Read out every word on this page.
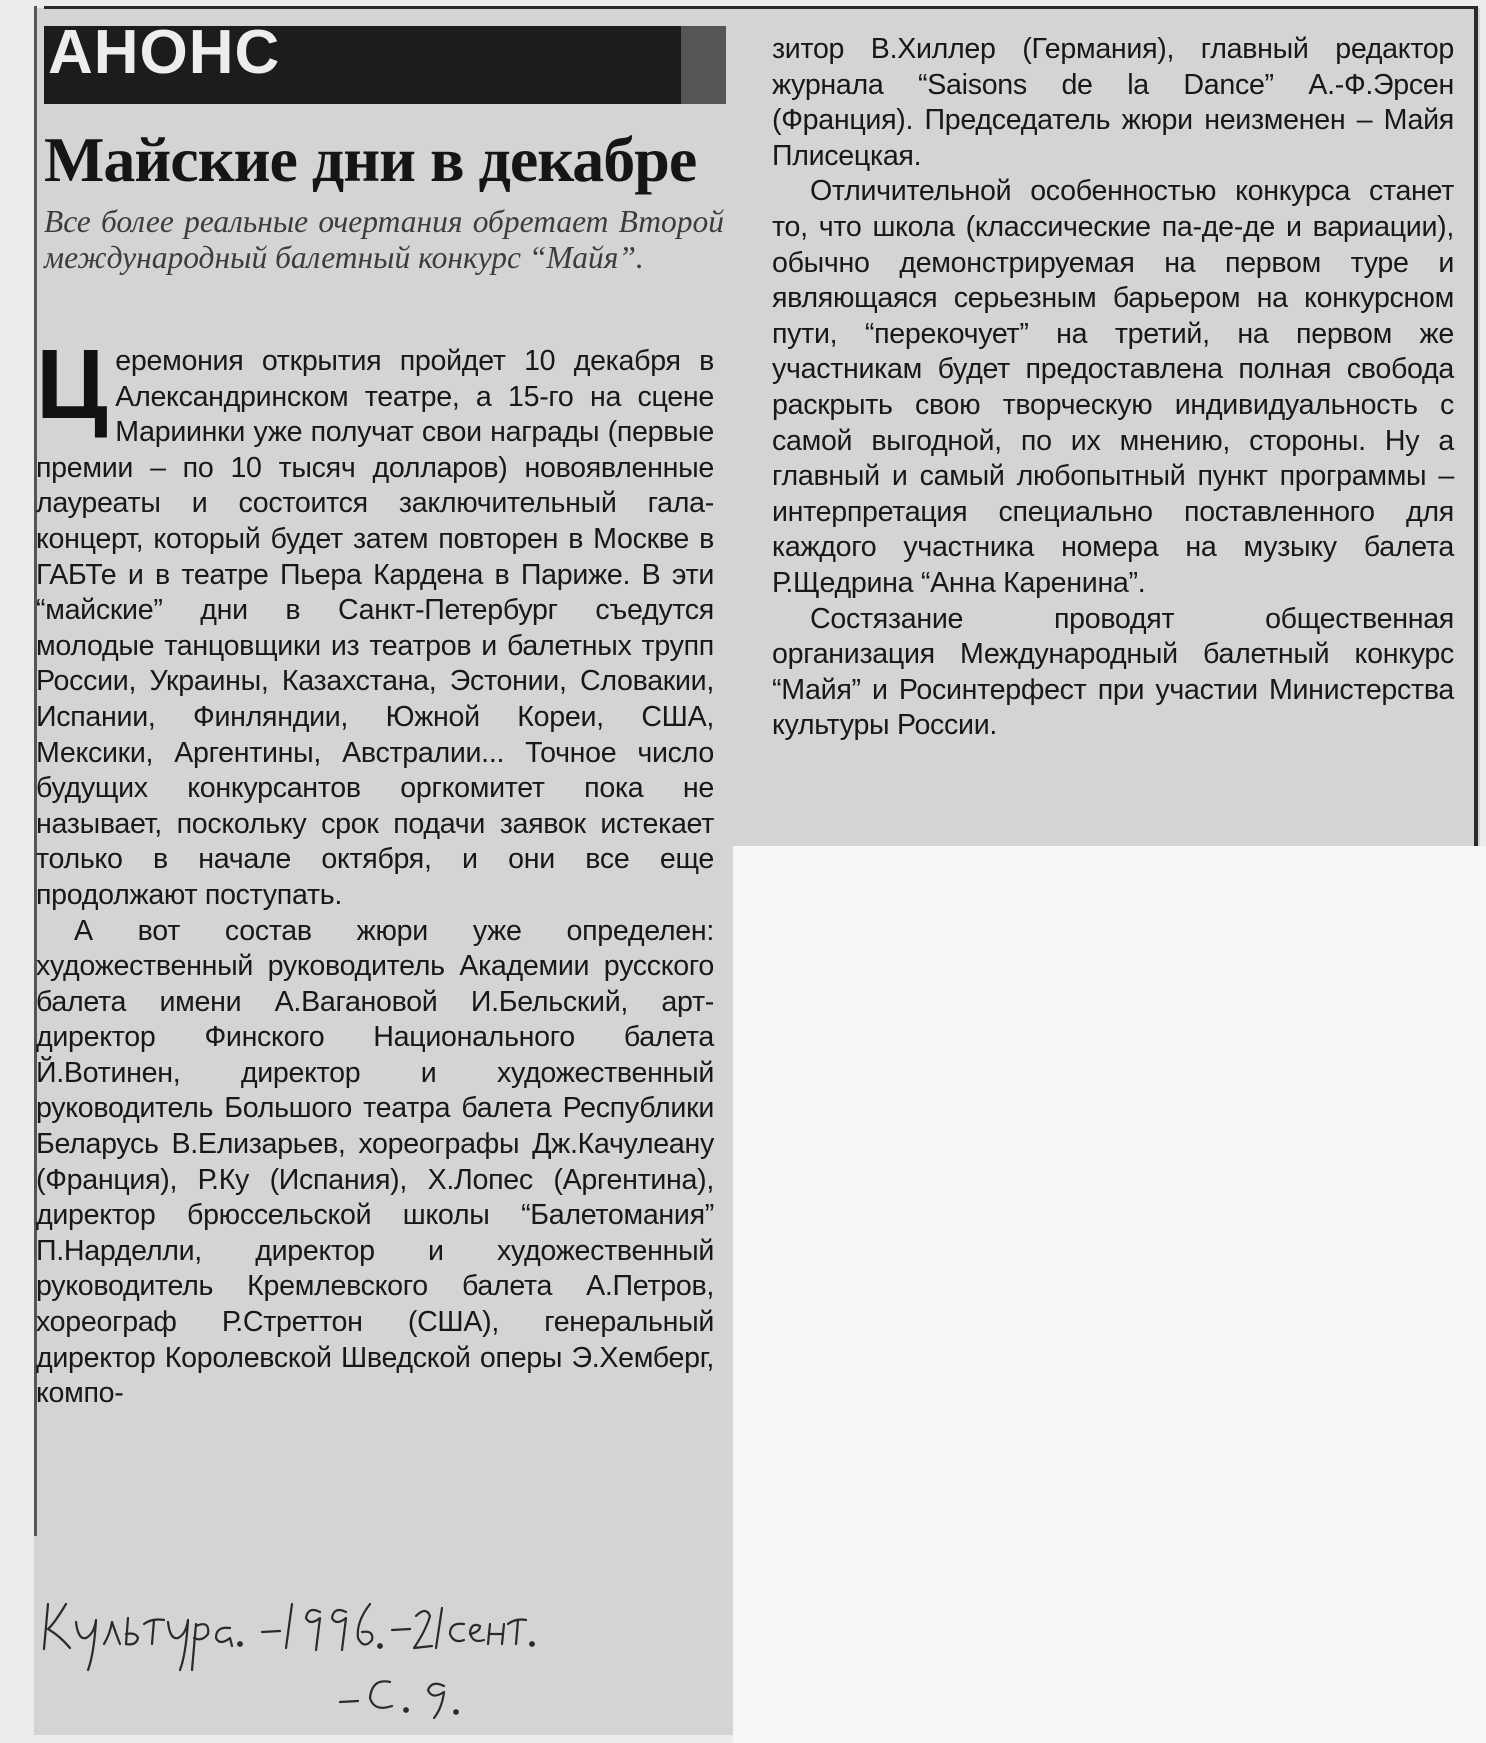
АНОНС
Майские дни в декабре
Все более реальные очертания обретает Второй международный балетный конкурс “Майя”.

Церемония открытия пройдет 10 декабря в Александринском театре, а 15-го на сцене Мариинки уже получат свои награды (первые премии – по 10 тысяч долларов) новоявленные лауреаты и состоится заключительный гала-концерт, который будет затем повторен в Москве в ГАБТе и в театре Пьера Кардена в Париже. В эти “майские” дни в Санкт-Петербург съедутся молодые танцовщики из театров и балетных трупп России, Украины, Казахстана, Эстонии, Словакии, Испании, Финляндии, Южной Кореи, США, Мексики, Аргентины, Австралии... Точное число будущих конкурсантов оргкомитет пока не называет, поскольку срок подачи заявок истекает только в начале октября, и они все еще продолжают поступать.

А вот состав жюри уже определен: художественный руководитель Академии русского балета имени А.Вагановой И.Бельский, арт-директор Финского Национального балета Й.Вотинен, директор и художественный руководитель Большого театра балета Республики Беларусь В.Елизарьев, хореографы Дж.Качулеану (Франция), Р.Ку (Испания), Х.Лопес (Аргентина), директор брюссельской школы “Балетомания” П.Нарделли, директор и художественный руководитель Кремлевского балета А.Петров, хореограф Р.Стреттон (США), генеральный директор Королевской Шведской оперы Э.Хемберг, компо-

зитор В.Хиллер (Германия), главный редактор журнала “Saisons de la Dance” А.-Ф.Эрсен (Франция). Председатель жюри неизменен – Майя Плисецкая.

Отличительной особенностью конкурса станет то, что школа (классические па-де-де и вариации), обычно демонстрируемая на первом туре и являющаяся серьезным барьером на конкурсном пути, “перекочует” на третий, на первом же участникам будет предоставлена полная свобода раскрыть свою творческую индивидуальность с самой выгодной, по их мнению, стороны. Ну а главный и самый любопытный пункт программы – интерпретация специально поставленного для каждого участника номера на музыку балета Р.Щедрина “Анна Каренина”.

Состязание проводят общественная организация Международный балетный конкурс “Майя” и Росинтерфест при участии Министерства культуры России.
